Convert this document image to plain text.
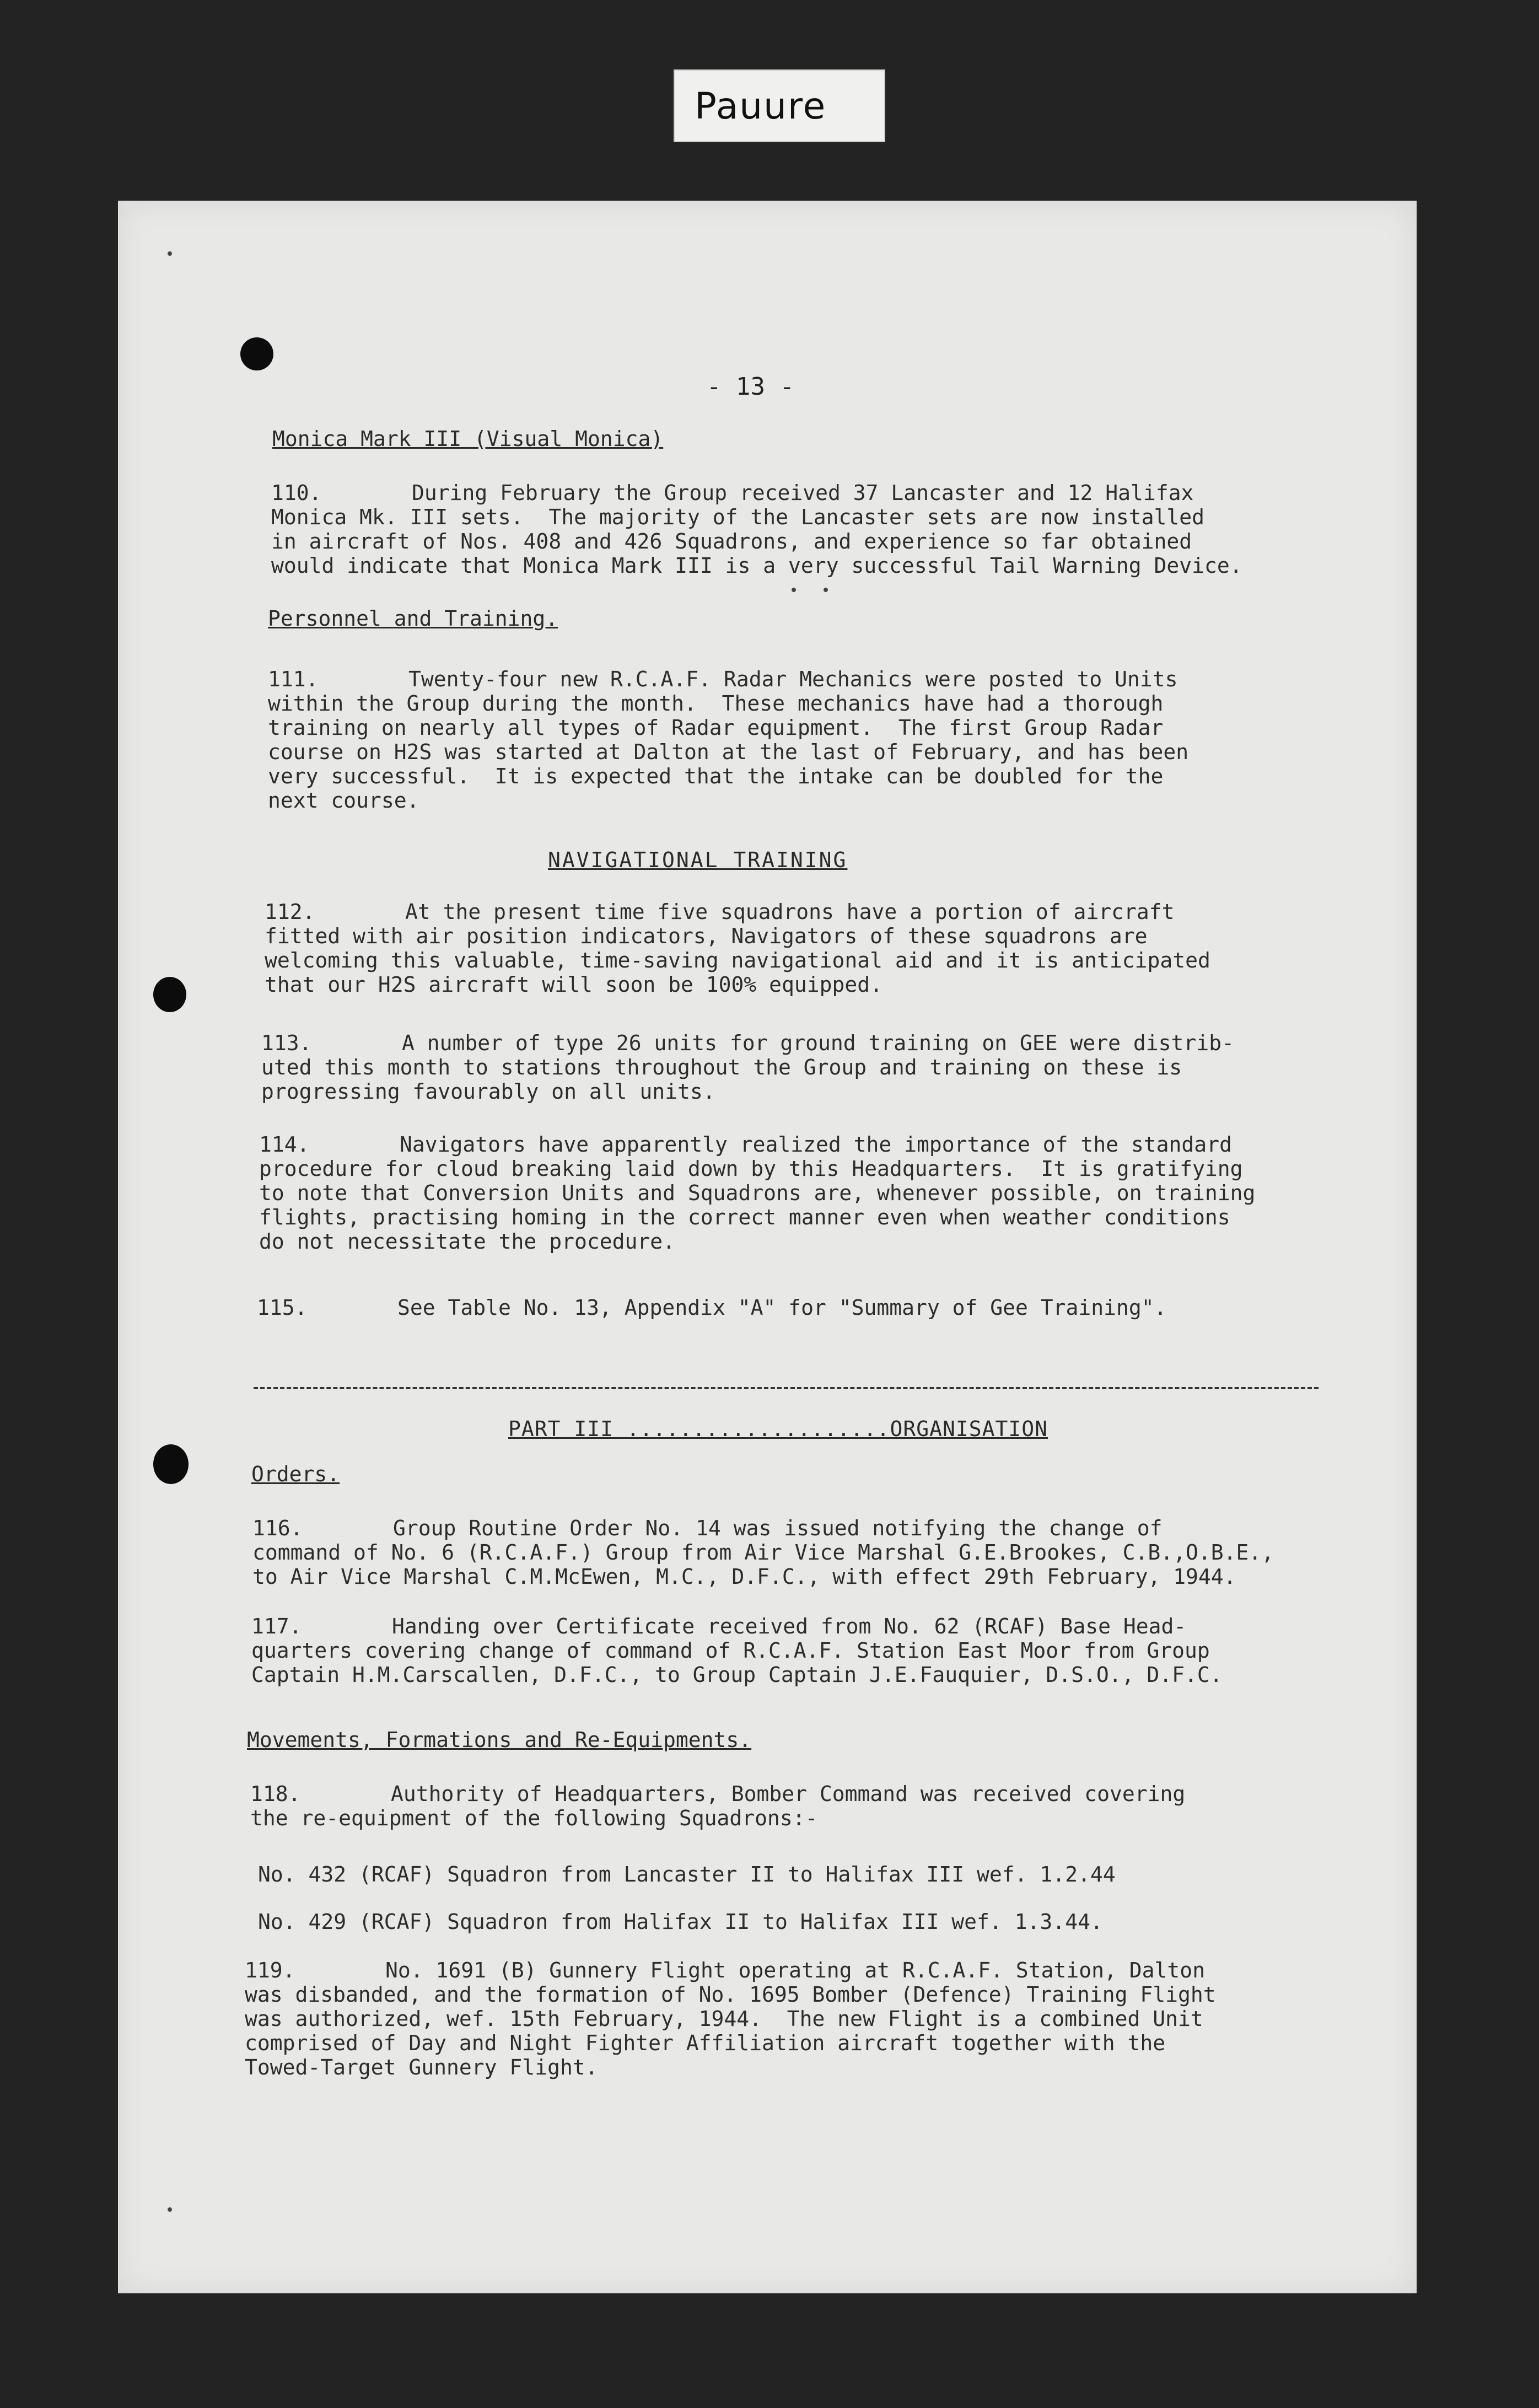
Pauure
- 13 -
Monica Mark III (Visual Monica)

110.	During February the Group received 37 Lancaster and 12 Halifax
Monica Mk. III sets.  The majority of the Lancaster sets are now installed
in aircraft of Nos. 408 and 426 Squadrons, and experience so far obtained
would indicate that Monica Mark III is a very successful Tail Warning Device.

Personnel and Training.

111.	Twenty-four new R.C.A.F. Radar Mechanics were posted to Units
within the Group during the month.  These mechanics have had a thorough
training on nearly all types of Radar equipment.  The first Group Radar
course on H2S was started at Dalton at the last of February, and has been
very successful.  It is expected that the intake can be doubled for the
next course.

NAVIGATIONAL TRAINING

112.	At the present time five squadrons have a portion of aircraft
fitted with air position indicators, Navigators of these squadrons are
welcoming this valuable, time-saving navigational aid and it is anticipated
that our H2S aircraft will soon be 100% equipped.

113.	A number of type 26 units for ground training on GEE were distrib-
uted this month to stations throughout the Group and training on these is
progressing favourably on all units.

114.	Navigators have apparently realized the importance of the standard
procedure for cloud breaking laid down by this Headquarters.  It is gratifying
to note that Conversion Units and Squadrons are, whenever possible, on training
flights, practising homing in the correct manner even when weather conditions
do not necessitate the procedure.

115.	See Table No. 13, Appendix "A" for "Summary of Gee Training".

PART III ....................ORGANISATION
Orders.

116.	Group Routine Order No. 14 was issued notifying the change of
command of No. 6 (R.C.A.F.) Group from Air Vice Marshal G.E.Brookes, C.B.,O.B.E.,
to Air Vice Marshal C.M.McEwen, M.C., D.F.C., with effect 29th February, 1944.

117.	Handing over Certificate received from No. 62 (RCAF) Base Head-
quarters covering change of command of R.C.A.F. Station East Moor from Group
Captain H.M.Carscallen, D.F.C., to Group Captain J.E.Fauquier, D.S.O., D.F.C.

Movements, Formations and Re-Equipments.

118.	Authority of Headquarters, Bomber Command was received covering
the re-equipment of the following Squadrons:-

No. 432 (RCAF) Squadron from Lancaster II to Halifax III wef. 1.2.44
No. 429 (RCAF) Squadron from Halifax II to Halifax III wef. 1.3.44.

119.	No. 1691 (B) Gunnery Flight operating at R.C.A.F. Station, Dalton
was disbanded, and the formation of No. 1695 Bomber (Defence) Training Flight
was authorized, wef. 15th February, 1944.  The new Flight is a combined Unit
comprised of Day and Night Fighter Affiliation aircraft together with the
Towed-Target Gunnery Flight.
